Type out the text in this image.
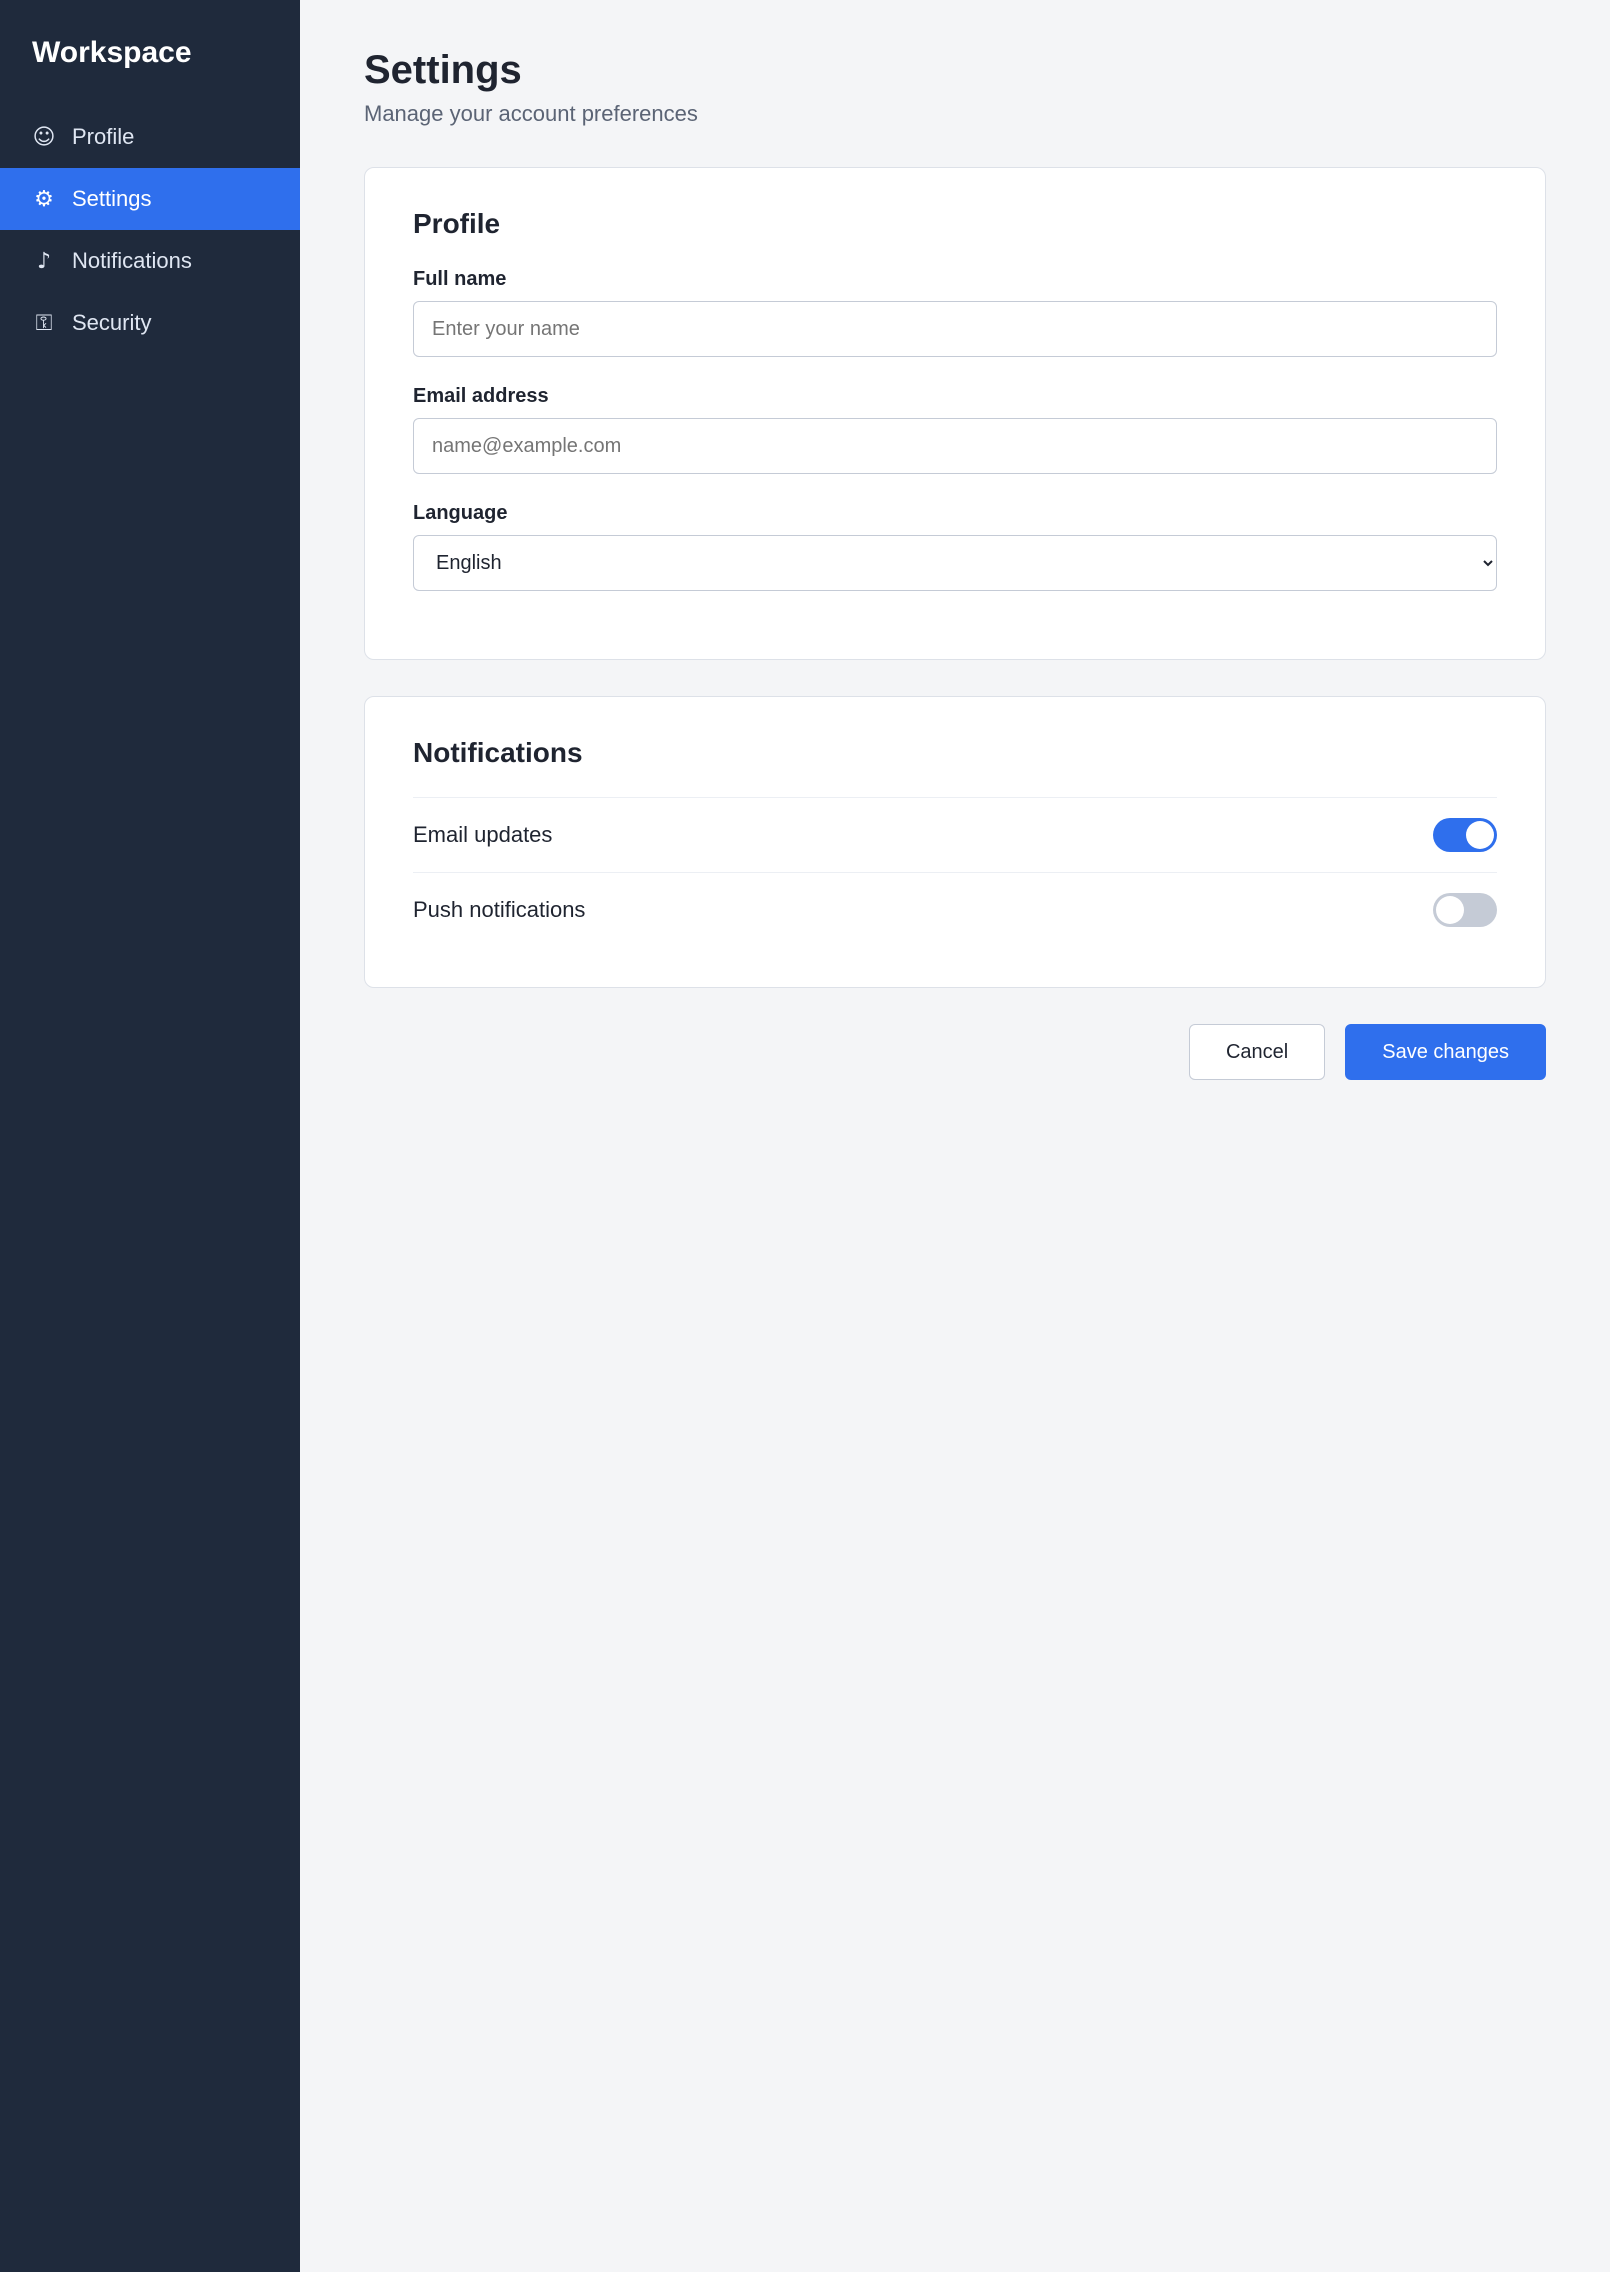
Workspace
☺ Profile
⚙ Settings
♪ Notifications
⚿ Security
Settings

Manage your account preferences

Profile
Full name
Enter your name
Email address
name@example.com
Language
English
Notifications
Email updates
Push notifications
Cancel	Save changes
